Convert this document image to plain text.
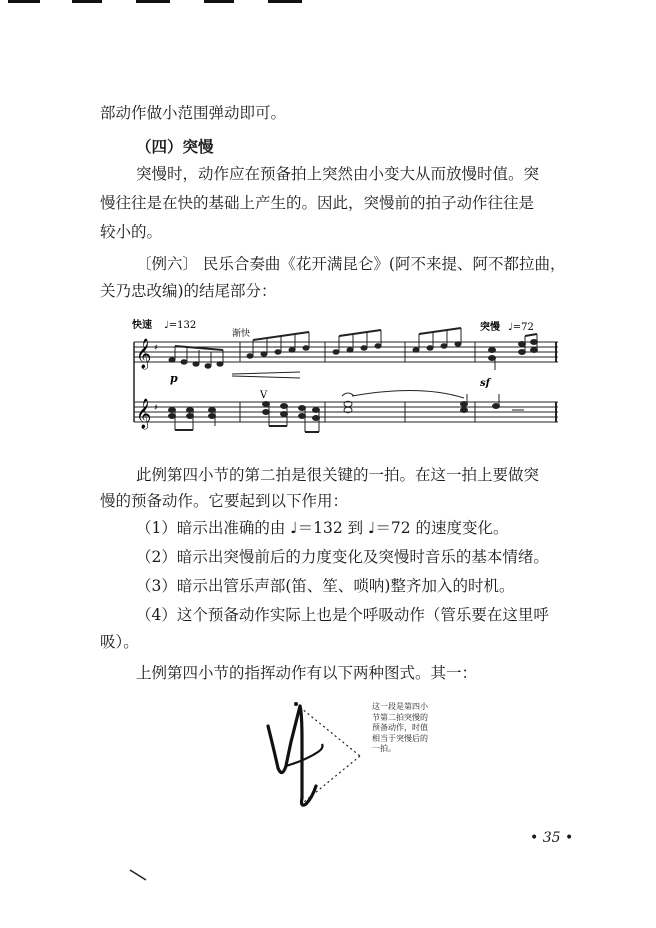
部动作做小范围弹动即可。
（四）突慢
突慢时，动作应在预备拍上突然由小变大从而放慢时值。突
慢往往是在快的基础上产生的。因此，突慢前的拍子动作往往是
较小的。
〔例六〕 民乐合奏曲《花开满昆仑》(阿不来提、阿不都拉曲，
关乃忠改编)的结尾部分：
𝄞
𝄞
♯
♯
快速 ♩=132
渐快
突慢 ♩=72
p	sf
V
此例第四小节的第二拍是很关键的一拍。在这一拍上要做突
慢的预备动作。它要起到以下作用：
（1）暗示出准确的由 ♩＝132 到 ♩＝72 的速度变化。
（2）暗示出突慢前后的力度变化及突慢时音乐的基本情绪。
（3）暗示出管乐声部(笛、笙、唢呐)整齐加入的时机。
（4）这个预备动作实际上也是个呼吸动作（管乐要在这里呼
吸）。
上例第四小节的指挥动作有以下两种图式。其一：
这一段是第四小节第二拍突慢的预备动作，时值相当于突慢后的一拍。
• 35 •
